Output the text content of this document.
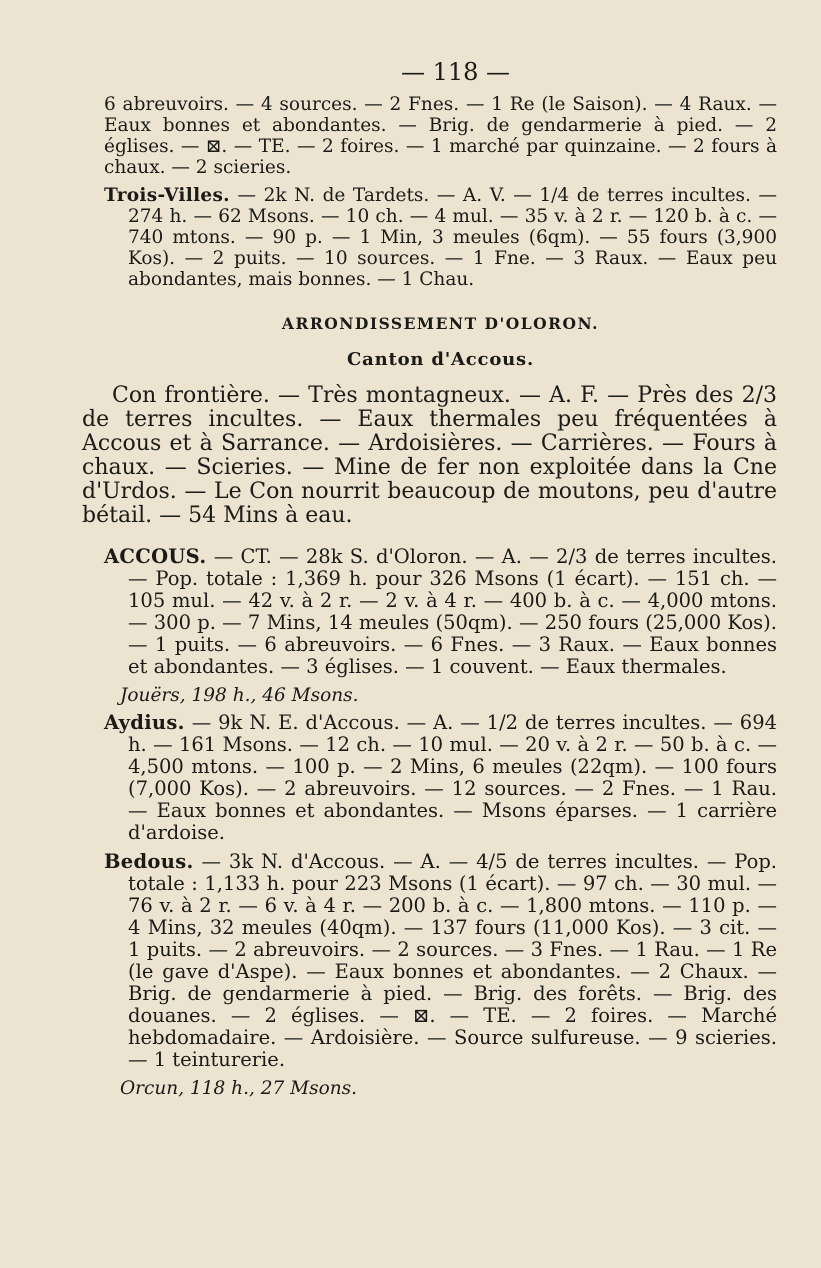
— 118 —

6 abreuvoirs. — 4 sources. — 2 Fnes. — 1 Re (le Saison). — 4 Raux. — Eaux bonnes et abondantes. — Brig. de gendarmerie à pied. — 2 églises. — ⊠. — TE. — 2 foires. — 1 marché par quinzaine. — 2 fours à chaux. — 2 scieries.

Trois-Villes. — 2k N. de Tardets. — A. V. — 1/4 de terres incultes. — 274 h. — 62 Msons. — 10 ch. — 4 mul. — 35 v. à 2 r. — 120 b. à c. — 740 mtons. — 90 p. — 1 Min, 3 meules (6qm). — 55 fours (3,900 Kos). — 2 puits. — 10 sources. — 1 Fne. — 3 Raux. — Eaux peu abondantes, mais bonnes. — 1 Chau.

ARRONDISSEMENT D'OLORON.
Canton d'Accous.

Con frontière. — Très montagneux. — A. F. — Près des 2/3 de terres incultes. — Eaux thermales peu fréquentées à Accous et à Sarrance. — Ardoisières. — Carrières. — Fours à chaux. — Scieries. — Mine de fer non exploitée dans la Cne d'Urdos. — Le Con nourrit beaucoup de moutons, peu d'autre bétail. — 54 Mins à eau.

ACCOUS. — CT. — 28k S. d'Oloron. — A. — 2/3 de terres incultes. — Pop. totale : 1,369 h. pour 326 Msons (1 écart). — 151 ch. — 105 mul. — 42 v. à 2 r. — 2 v. à 4 r. — 400 b. à c. — 4,000 mtons. — 300 p. — 7 Mins, 14 meules (50qm). — 250 fours (25,000 Kos). — 1 puits. — 6 abreuvoirs. — 6 Fnes. — 3 Raux. — Eaux bonnes et abondantes. — 3 églises. — 1 couvent. — Eaux thermales.

Jouërs, 198 h., 46 Msons.

Aydius. — 9k N. E. d'Accous. — A. — 1/2 de terres incultes. — 694 h. — 161 Msons. — 12 ch. — 10 mul. — 20 v. à 2 r. — 50 b. à c. — 4,500 mtons. — 100 p. — 2 Mins, 6 meules (22qm). — 100 fours (7,000 Kos). — 2 abreuvoirs. — 12 sources. — 2 Fnes. — 1 Rau. — Eaux bonnes et abondantes. — Msons éparses. — 1 carrière d'ardoise.

Bedous. — 3k N. d'Accous. — A. — 4/5 de terres incultes. — Pop. totale : 1,133 h. pour 223 Msons (1 écart). — 97 ch. — 30 mul. — 76 v. à 2 r. — 6 v. à 4 r. — 200 b. à c. — 1,800 mtons. — 110 p. — 4 Mins, 32 meules (40qm). — 137 fours (11,000 Kos). — 3 cit. — 1 puits. — 2 abreuvoirs. — 2 sources. — 3 Fnes. — 1 Rau. — 1 Re (le gave d'Aspe). — Eaux bonnes et abondantes. — 2 Chaux. — Brig. de gendarmerie à pied. — Brig. des forêts. — Brig. des douanes. — 2 églises. — ⊠. — TE. — 2 foires. — Marché hebdomadaire. — Ardoisière. — Source sulfureuse. — 9 scieries. — 1 teinturerie.

Orcun, 118 h., 27 Msons.
